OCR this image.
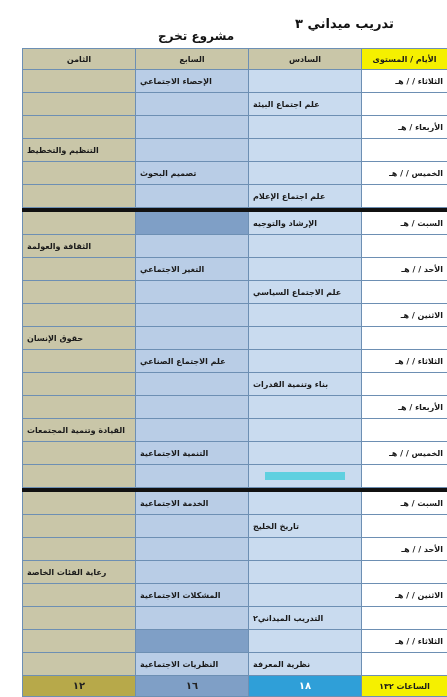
تدريب ميداني ٣
مشروع تخرج
الأيام / المستوى	السادس	السابع	الثامن
الثلاثاء / / هـ		الإحصاء الاجتماعي	

	علم اجتماع البيئة		

الأربعاء / هـ	

			التنظيم والتخطيط

الخميس / / هـ		تصميم البحوث	

	علم اجتماع الإعلام		

السبت / هـ	الإرشاد والتوجيه		

			الثقافة والعولمة

الأحد / / هـ		التغير الاجتماعي	

	علم الاجتماع السياسي		

الاثنين / هـ	

			حقوق الإنسان

الثلاثاء / / هـ		علم الاجتماع الصناعي	

	بناء وتنمية القدرات		

الأربعاء / هـ	

			القيادة وتنمية المجتمعات

الخميس / / هـ		التنمية الاجتماعية	

السبت / هـ		الخدمة الاجتماعية	

	تاريخ الخليج		

الأحد / / هـ	

			رعاية الفئات الخاصة

الاثنين / / هـ		المشكلات الاجتماعية	

	التدريب الميداني٢		

الثلاثاء / / هـ	

	نظرية المعرفة	النظريات الاجتماعية	

الساعات ١٣٢	١٨	١٦	١٢
